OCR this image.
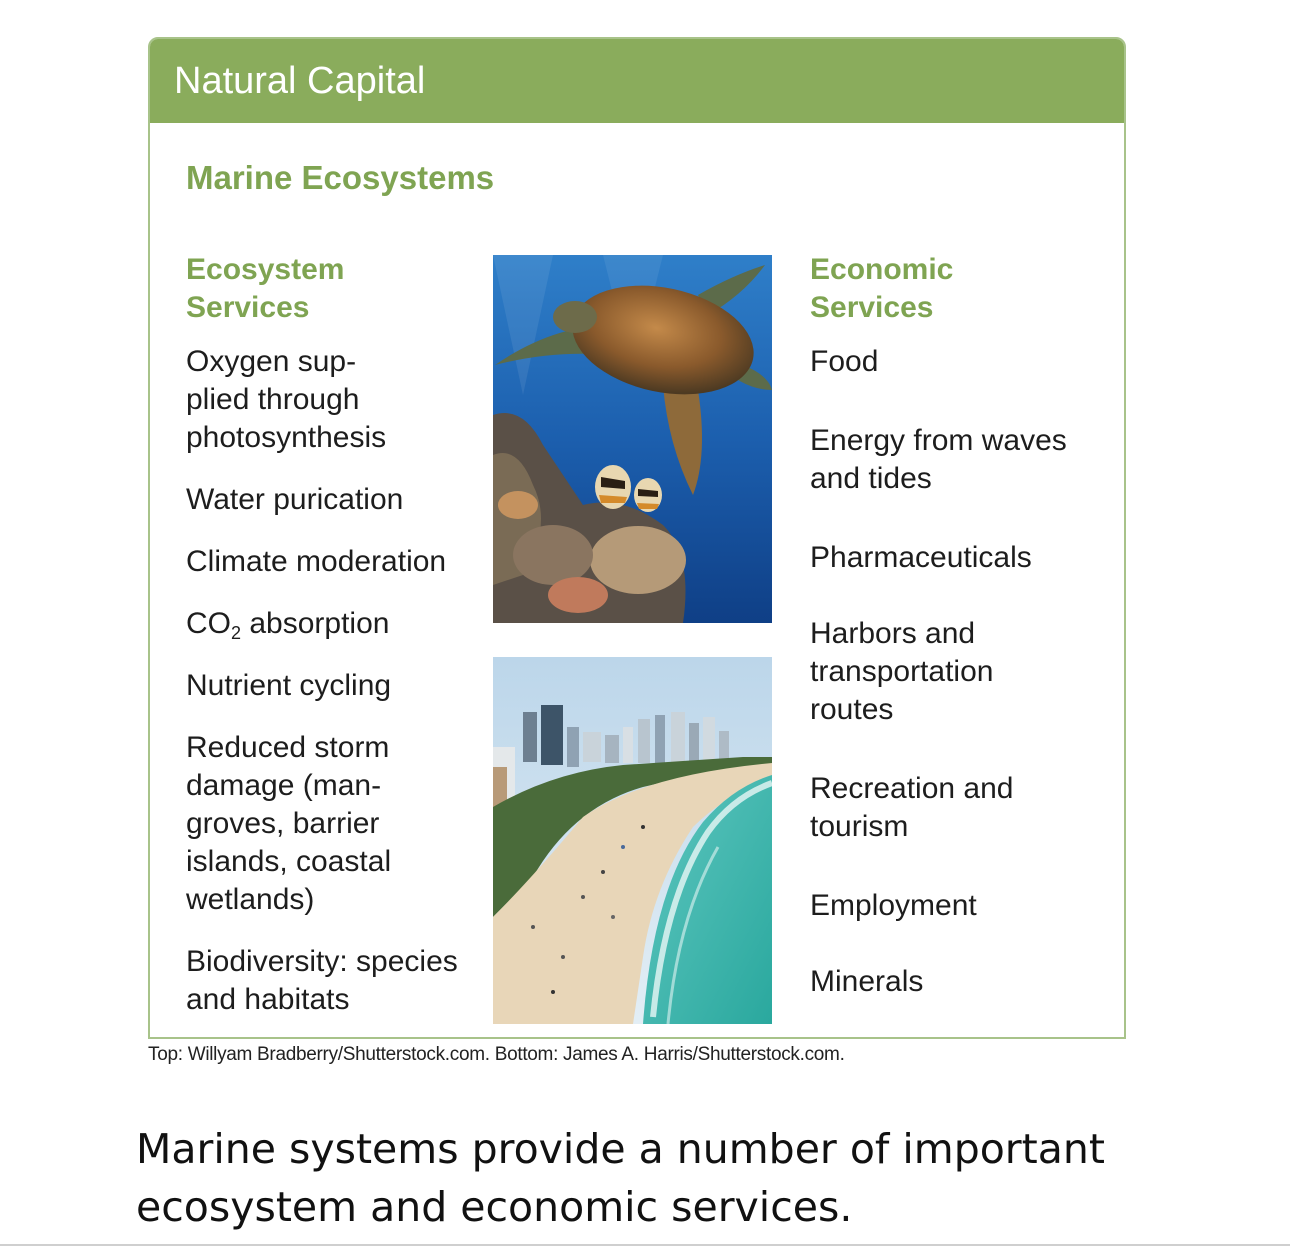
Natural Capital
Marine Ecosystems
Ecosystem
Services
Economic
Services
Oxygen sup-
plied through
photosynthesis
Water purication
Climate moderation
$CO_2$ absorption
Nutrient cycling
Reduced storm
damage (man-
groves, barrier
islands, coastal
wetlands)
Biodiversity: species
and habitats
Food
Energy from waves
and tides
Pharmaceuticals
Harbors and
transportation
routes
Recreation and
tourism
Employment
Minerals
Top: Willyam Bradberry/Shutterstock.com. Bottom: James A. Harris/Shutterstock.com.
Marine systems provide a number of important ecosystem and economic services.
